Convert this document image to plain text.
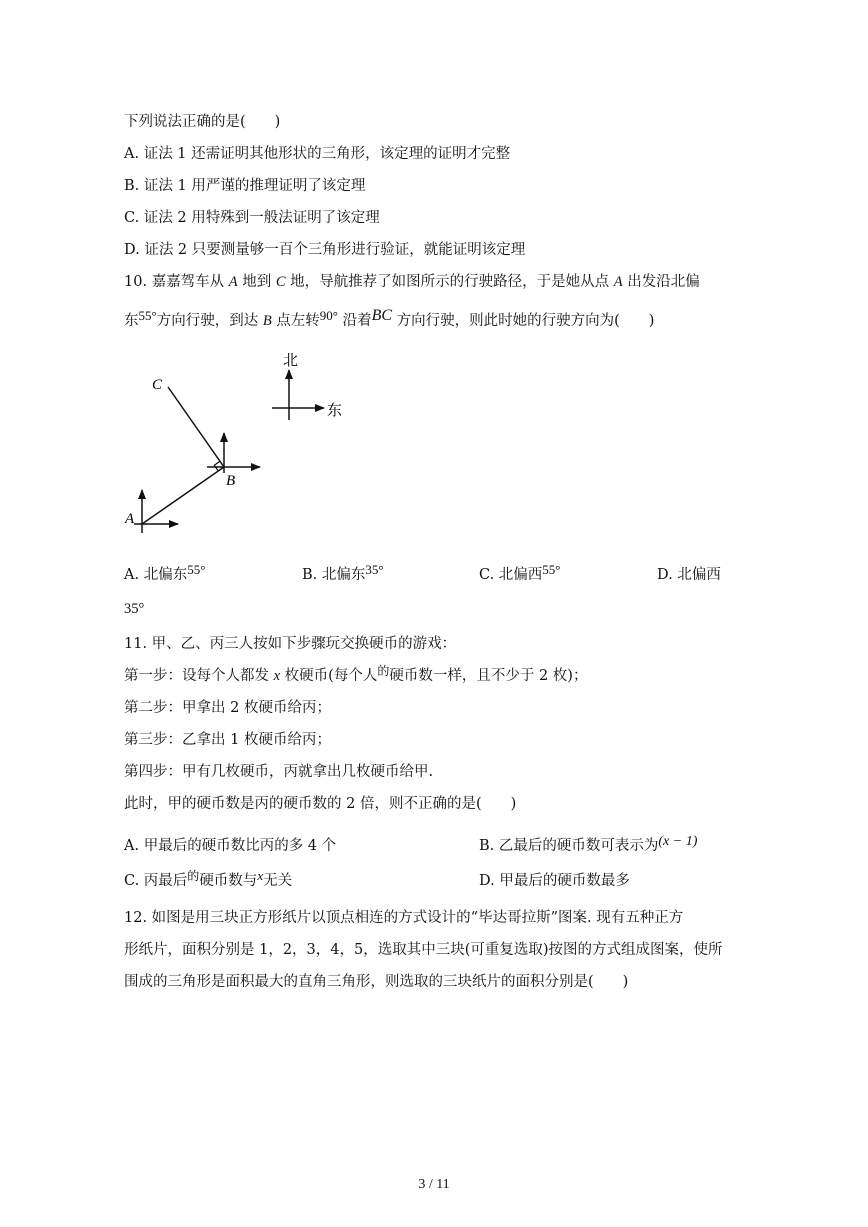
下列说法正确的是(　　)
A. 证法 1 还需证明其他形状的三角形，该定理的证明才完整
B. 证法 1 用严谨的推理证明了该定理
C. 证法 2 用特殊到一般法证明了该定理
D. 证法 2 只要测量够一百个三角形进行验证，就能证明该定理
10. 嘉嘉驾车从 A 地到 C 地，导航推荐了如图所示的行驶路径，于是她从点 A 出发沿北偏
东55°方向行驶，到达 B 点左转90° 沿着BC 方向行驶，则此时她的行驶方向为(　　)
北
东
A
B
C
A. 北偏东55°	B. 北偏东35°	C. 北偏西55°	D. 北偏西
35°
11. 甲、乙、丙三人按如下步骤玩交换硬币的游戏：
第一步：设每个人都发 x 枚硬币(每个人$^的$硬币数一样，且不少于 2 枚)；
第二步：甲拿出 2 枚硬币给丙；
第三步：乙拿出 1 枚硬币给丙；
第四步：甲有几枚硬币，丙就拿出几枚硬币给甲.
此时，甲的硬币数是丙的硬币数的 2 倍，则不正确的是(　　)
A. 甲最后的硬币数比丙的多 4 个	B. 乙最后的硬币数可表示为(x − 1)
C. 丙最后$^的$硬币数与x无关	D. 甲最后的硬币数最多
12. 如图是用三块正方形纸片以顶点相连的方式设计的“毕达哥拉斯”图案. 现有五种正方
形纸片，面积分别是 1，2，3，4，5，选取其中三块(可重复选取)按图的方式组成图案，使所
围成的三角形是面积最大的直角三角形，则选取的三块纸片的面积分别是(　　)
3 / 11
